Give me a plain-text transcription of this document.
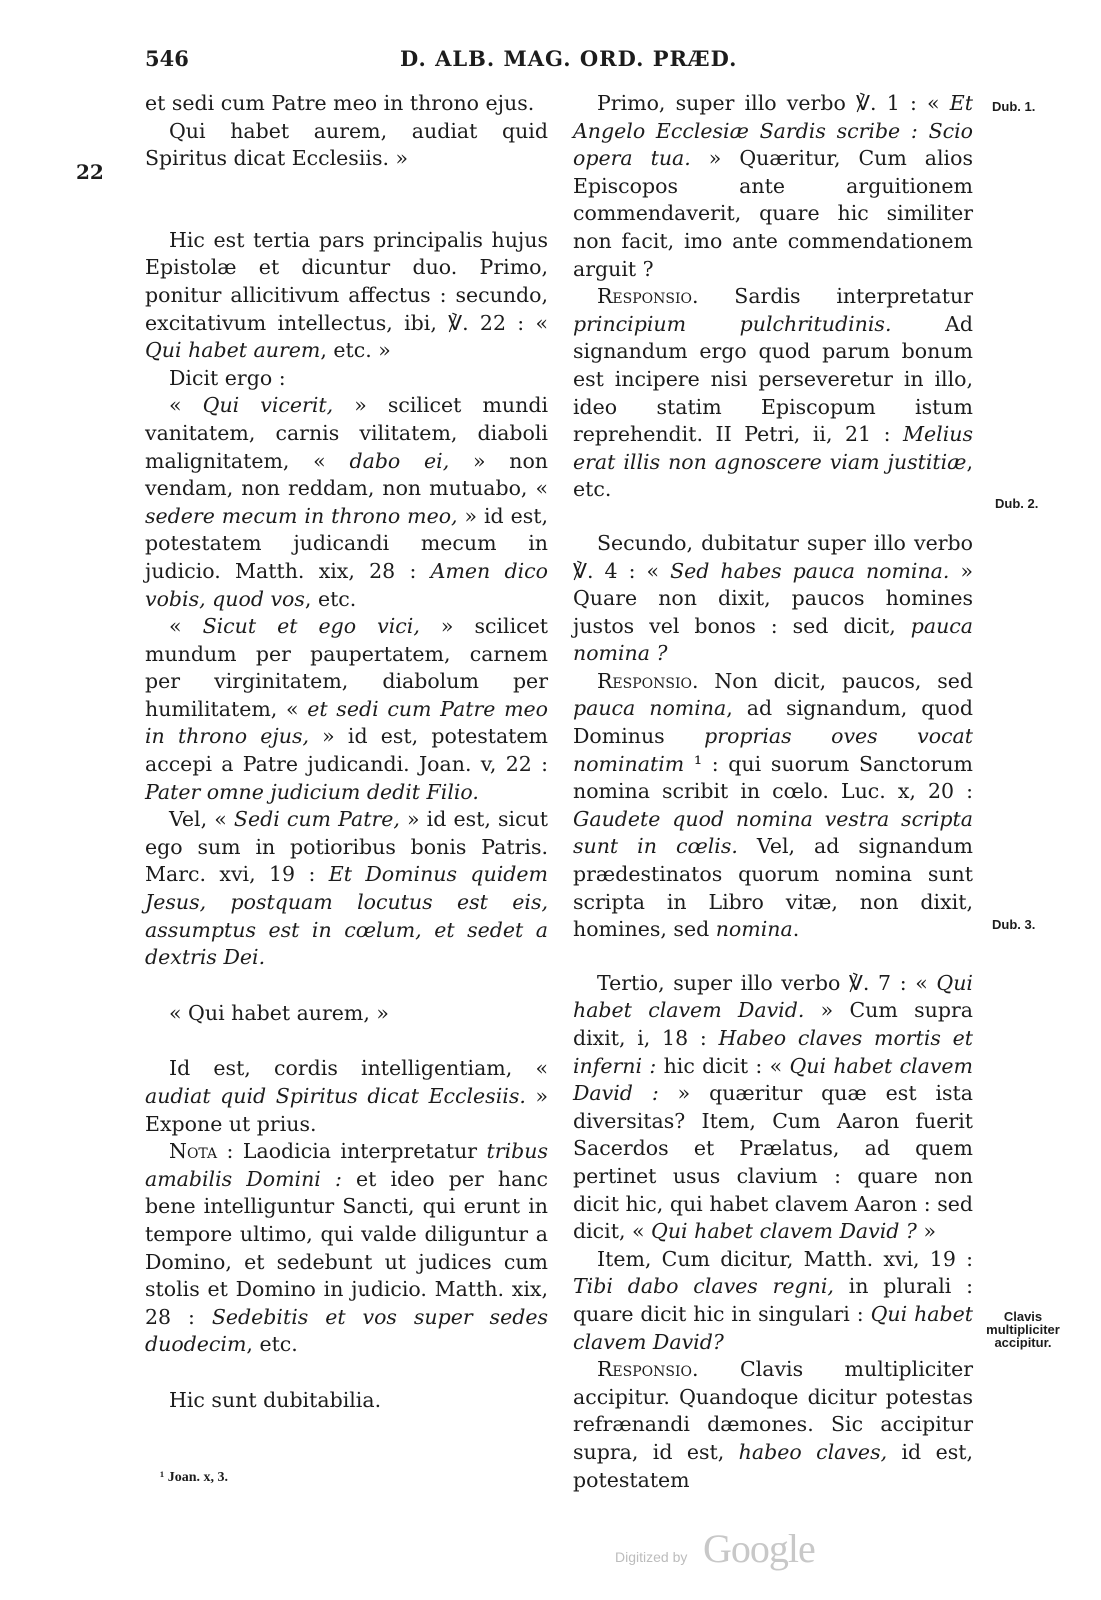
546	D. ALB. MAG. ORD. PRÆD.
22

et sedi cum Patre meo in throno ejus.

Qui habet aurem, audiat quid Spiritus dicat Ecclesiis. »

Hic est tertia pars principalis hujus Epistolæ et dicuntur duo. Primo, ponitur allicitivum affectus : secundo, excitativum intellectus, ibi, ℣. 22 : « Qui habet aurem, etc. »

Dicit ergo :

« Qui vicerit, » scilicet mundi vanitatem, carnis vilitatem, diaboli malignitatem, « dabo ei, » non vendam, non reddam, non mutuabo, « sedere mecum in throno meo, » id est, potestatem judicandi mecum in judicio. Matth. xix, 28 : Amen dico vobis, quod vos, etc.

« Sicut et ego vici, » scilicet mundum per paupertatem, carnem per virginitatem, diabolum per humilitatem, « et sedi cum Patre meo in throno ejus, » id est, potestatem accepi a Patre judicandi. Joan. v, 22 : Pater omne judicium dedit Filio.

Vel, « Sedi cum Patre, » id est, sicut ego sum in potioribus bonis Patris. Marc. xvi, 19 : Et Dominus quidem Jesus, postquam locutus est eis, assumptus est in cœlum, et sedet a dextris Dei.

« Qui habet aurem, »

Id est, cordis intelligentiam, « audiat quid Spiritus dicat Ecclesiis. » Expone ut prius.

Nota : Laodicia interpretatur tribus amabilis Domini : et ideo per hanc bene intelliguntur Sancti, qui erunt in tempore ultimo, qui valde diliguntur a Domino, et sedebunt ut judices cum stolis et Domino in judicio. Matth. xix, 28 : Sedebitis et vos super sedes duodecim, etc.

Hic sunt dubitabilia.

Primo, super illo verbo ℣. 1 : « Et Angelo Ecclesiæ Sardis scribe : Scio opera tua. » Quæritur, Cum alios Episcopos ante arguitionem commendaverit, quare hic similiter non facit, imo ante commendationem arguit ?

Responsio. Sardis interpretatur principium pulchritudinis. Ad signandum ergo quod parum bonum est incipere nisi perseveretur in illo, ideo statim Episcopum istum reprehendit. II Petri, ii, 21 : Melius erat illis non agnoscere viam justitiæ, etc.

Secundo, dubitatur super illo verbo ℣. 4 : « Sed habes pauca nomina. » Quare non dixit, paucos homines justos vel bonos : sed dicit, pauca nomina ?

Responsio. Non dicit, paucos, sed pauca nomina, ad signandum, quod Dominus proprias oves vocat nominatim ¹ : qui suorum Sanctorum nomina scribit in cœlo. Luc. x, 20 : Gaudete quod nomina vestra scripta sunt in cœlis. Vel, ad signandum prædestinatos quorum nomina sunt scripta in Libro vitæ, non dixit, homines, sed nomina.

Tertio, super illo verbo ℣. 7 : « Qui habet clavem David. » Cum supra dixit, i, 18 : Habeo claves mortis et inferni : hic dicit : « Qui habet clavem David : » quæritur quæ est ista diversitas? Item, Cum Aaron fuerit Sacerdos et Prælatus, ad quem pertinet usus clavium : quare non dicit hic, qui habet clavem Aaron : sed dicit, « Qui habet clavem David ? »

Item, Cum dicitur, Matth. xvi, 19 : Tibi dabo claves regni, in plurali : quare dicit hic in singulari : Qui habet clavem David?

Responsio. Clavis multipliciter accipitur. Quandoque dicitur potestas refrænandi dæmones. Sic accipitur supra, id est, habeo claves, id est, potestatem

Dub. 1.
Dub. 2.
Dub. 3.
Clavis multipliciter accipitur.
¹ Joan. x, 3.
Digitized by Google
